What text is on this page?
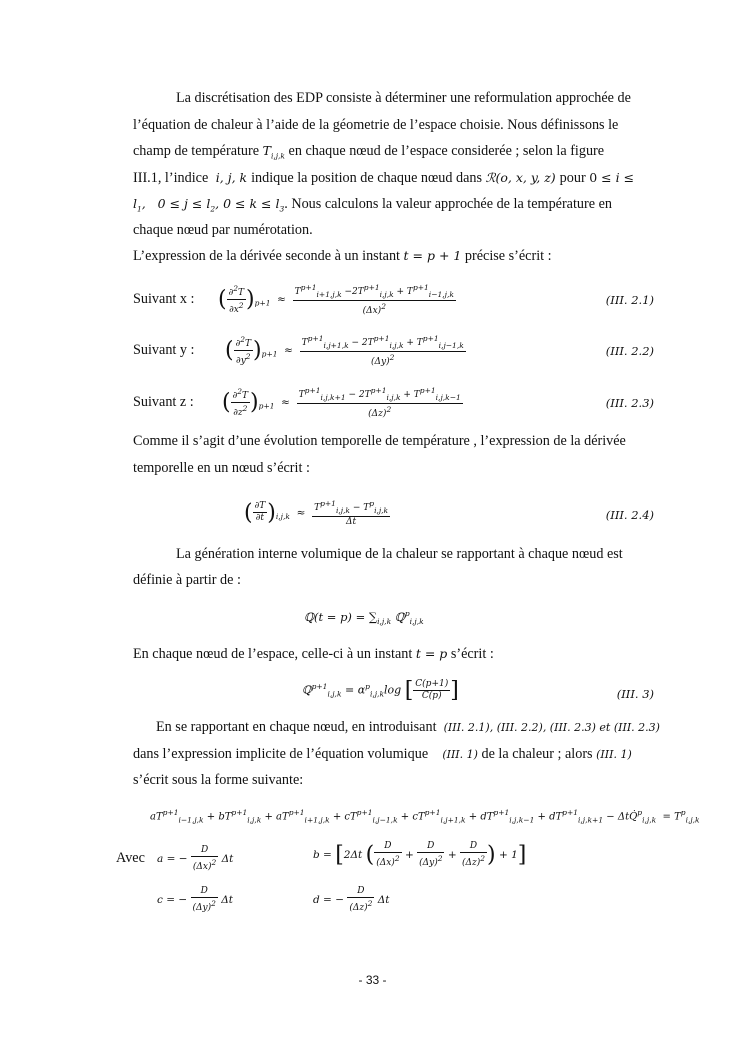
La discrétisation des EDP consiste à déterminer une reformulation approchée de
l’équation de chaleur à l’aide de la géometrie de l’espace choisie. Nous définissons le
champ de température $T_{i,j,k}$ en chaque nœud de l’espace considerée ; selon la figure
III.1, l’indice  i, j, k indique la position de chaque nœud dans ℛ(o, x, y, z) pour 0 ≤ i ≤
$l_1$,   $0 \le j \le l_2$, $0 \le k \le l_3$. Nous calculons la valeur approchée de la température en
chaque nœud par numérotation.
L’expression de la dérivée seconde à un instant t = p + 1 précise s’écrit :
Suivant x : ( $\frac{\partial^2T}{\partial x^2} )_{p+1} \approx \frac{T^{p+1}_{i+1,j,k} -2T^{p+1}_{i,j,k} + T^{p+1}_{i-1,j,k}}{(\Delta x)^2}$	(III. 2.1)
Suivant y : ( $\frac{\partial^2T}{\partial y^2} )_{p+1} \approx \frac{T^{p+1}_{i,j+1,k} - 2T^{p+1}_{i,j,k} + T^{p+1}_{i,j-1,k}}{(\Delta y)^2}$	(III. 2.2)
Suivant z : ( $\frac{\partial^2T}{\partial z^2} )_{p+1} \approx \frac{T^{p+1}_{i,j,k+1} - 2T^{p+1}_{i,j,k} + T^{p+1}_{i,j,k-1}}{(\Delta z)^2}$	(III. 2.3)
Comme il s’agit d’une évolution temporelle de température , l’expression de la dérivée
temporelle en un nœud s’écrit :
( $\frac{\partial T}{\partial t} )_{i,j,k} \approx \frac{T^{p+1}_{i,j,k} - T^p_{i,j,k}}{\Delta t}$	(III. 2.4)
La génération interne volumique de la chaleur se rapportant à chaque nœud est
définie à partir de :
ℚ(t = $p) = \sum_{i,j,k}$ ℚ$^p_{i,j,k}$
En chaque nœud de l’espace, celle-ci à un instant t = p s’écrit :
ℚ$^{p+1}_{i,j,k}$ = $\alpha^p_{i,j,k}\log$ [ $\frac{C(p+1)}{C(p)}$ ]	(III. 3)
En se rapportant en chaque nœud, en introduisant (III. 2.1), (III. 2.2), (III. 2.3) et (III. 2.3)
dans l’expression implicite de l’équation volumique (III. 1) de la chaleur ; alors (III. 1)
s’écrit sous la forme suivante:
$aT^{p+1}_{i-1,j,k} + bT^{p+1}_{i,j,k} + aT^{p+1}_{i+1,j,k} + cT^{p+1}_{i,j-1,k} + cT^{p+1}_{i,j+1,k} + dT^{p+1}_{i,j,k-1} + dT^{p+1}_{i,j,k+1}$ − ΔtQ̇$^p_{i,j,k}$  = $T^p_{i,j,k}$
Avec a = − $\frac{D}{(\Delta x)^2}$ Δt	b = [2Δt ( $\frac{D}{(\Delta x)^2} + \frac{D}{(\Delta y)^2} + \frac{D}{(\Delta z)^2}$ ) + 1]
c = − $\frac{D}{(\Delta y)^2}$ Δt	d = − $\frac{D}{(\Delta z)^2}$ Δt
- 33 -
